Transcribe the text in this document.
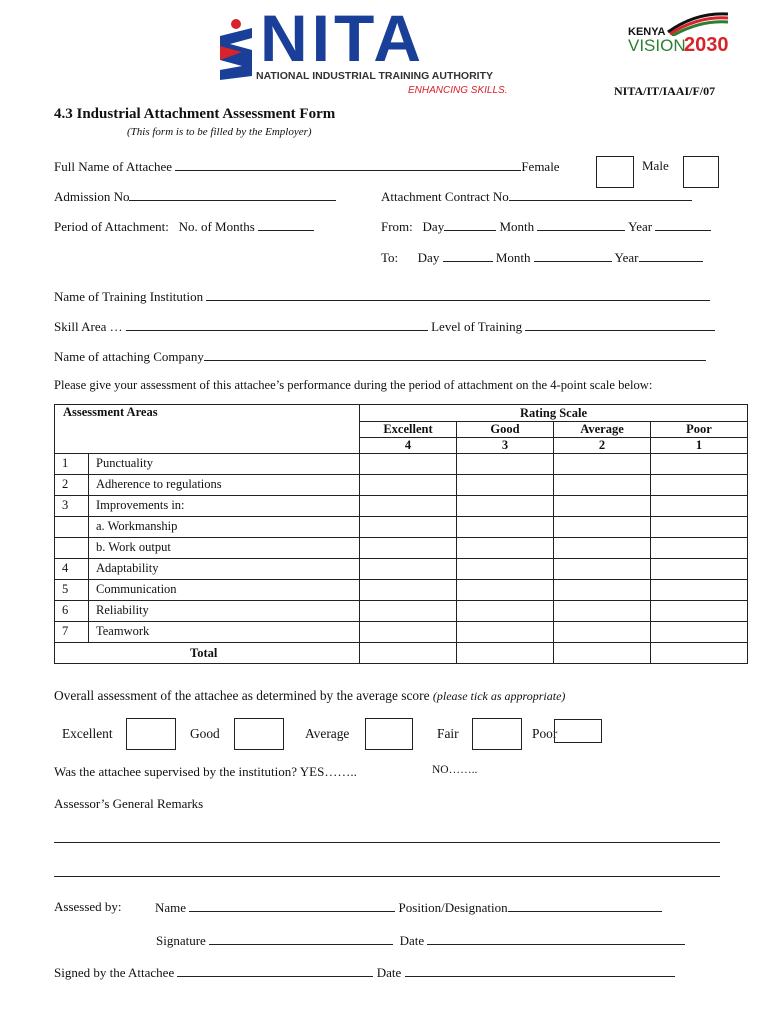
NITA
NATIONAL INDUSTRIAL TRAINING AUTHORITY
ENHANCING SKILLS.
KENYA
VISION
2030
NITA/IT/IAAI/F/07
4.3 Industrial Attachment Assessment Form
(This form is to be filled by the Employer)
Full Name of Attachee	Female	Male
Admission No	Attachment Contract No
Period of Attachment: No. of Months	From: Day	Month	Year
To: Day	Month	Year
Name of Training Institution
Skill Area …	Level of Training
Name of attaching Company
Please give your assessment of this attachee’s performance during the period of attachment on the 4-point scale below:
Assessment Areas	Rating Scale			
	Excellent	Good	Average	Poor
	4	3	2	1
1 Punctuality				
2 Adherence to regulations				
3 Improvements in:				
a. Workmanship				
b. Work output				
4 Adaptability				
5 Communication				
6 Reliability				
7 Teamwork				
Total				
Overall assessment of the attachee as determined by the average score (please tick as appropriate)
Excellent	Good	Average	Fair	Poor
Was the attachee supervised by the institution? YES……..	NO……..
Assessor’s General Remarks
Assessed by:	Name	Position/Designation
Signature	Date
Signed by the Attachee	Date
